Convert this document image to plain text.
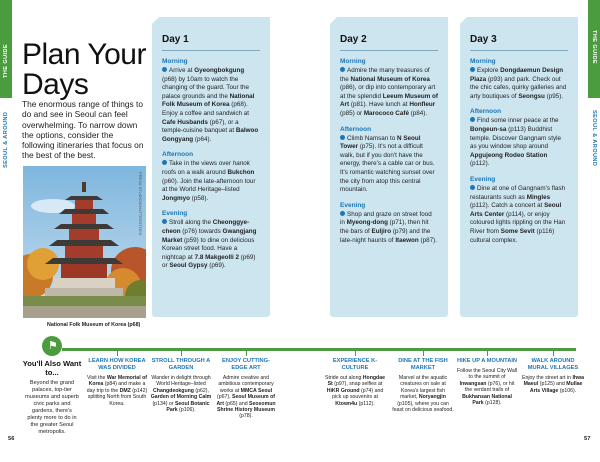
THE GUIDE
SEOUL & AROUND
THE GUIDE
SEOUL & AROUND
Plan Your
Days
The enormous range of things to do and see in Seoul can feel overwhelming. To narrow down the options, consider the following itineraries that focus on the best of the best.
PRESS STUDIO/SHUTTERSTOCK
National Folk Museum of Korea (p68)
Day 1
Morning
Arrive at Gyeongbokgung (p68) by 10am to watch the changing of the guard. Tour the palace grounds and the National Folk Museum of Korea (p68). Enjoy a coffee and sandwich at Cafe Husbands (p67), or a temple-cuisine banquet at Balwoo Gongyang (p64).
Afternoon
Take in the views over hanok roofs on a walk around Bukchon (p60). Join the late-afternoon tour at the World Heritage–listed Jongmyo (p58).
Evening
Stroll along the Cheonggye-cheon (p76) towards Gwangjang Market (p59) to dine on delicious Korean street food. Have a nightcap at 7.8 Makgeolli 2 (p69) or Seoul Gypsy (p69).
Day 2
Morning
Admire the many treasures of the National Museum of Korea (p86), or dip into contemporary art at the splendid Leeum Museum of Art (p81). Have lunch at Honfleur (p85) or Marococo Café (p84).
Afternoon
Climb Namsan to N Seoul Tower (p75). It's not a difficult walk, but if you don't have the energy, there's a cable car or bus. It's romantic watching sunset over the city from atop this central mountain.
Evening
Shop and graze on street food in Myeong-dong (p71), then hit the bars of Euljiro (p79) and the late-night haunts of Itaewon (p87).
Day 3
Morning
Explore Dongdaemun Design Plaza (p93) and park. Check out the chic cafes, quirky galleries and arty boutiques of Seongsu (p95).
Afternoon
Find some inner peace at the Bongeun-sa (p113) Buddhist temple. Discover Gangnam style as you window shop around Apgujeong Rodeo Station (p112).
Evening
Dine at one of Gangnam's flash restaurants such as Mingles (p112). Catch a concert at Seoul Arts Center (p114), or enjoy coloured lights rippling on the Han River from Some Sevit (p116) cultural complex.
⚑
You'll Also Want to...
Beyond the grand palaces, top-tier museums and superb civic parks and gardens, there's plenty more to do in the greater Seoul metropolis.
LEARN HOW KOREA WAS DIVIDED
Visit the War Memorial of Korea (p84) and make a day trip to the DMZ (p142) splitting North from South Korea.
STROLL THROUGH A GARDEN
Wander in delight through World Heritage–listed Changdeokgung (p62), Garden of Morning Calm (p134) or Seoul Botanic Park (p106).
ENJOY CUTTING-EDGE ART
Admire creative and ambitious contemporary works at MMCA Seoul (p67), Seoul Museum of Art (p65) and Seosomun Shrine History Museum (p78).
EXPERIENCE K-CULTURE
Stride out along Hongdae St (p97), snap selfies at HiKR Ground (p74) and pick up souvenirs at Ktown4u (p112).
DINE AT THE FISH MARKET
Marvel at the aquatic creatures on sale at Korea's largest fish market, Noryangjin (p105), where you can feast on delicious seafood.
HIKE UP A MOUNTAIN
Follow the Seoul City Wall to the summit of Inwangsan (p76), or hit the verdant trails of Bukhansan National Park (p128).
WALK AROUND MURAL VILLAGES
Enjoy the street art in Ihwa Maeul (p125) and Mullae Arts Village (p106).
56	57
